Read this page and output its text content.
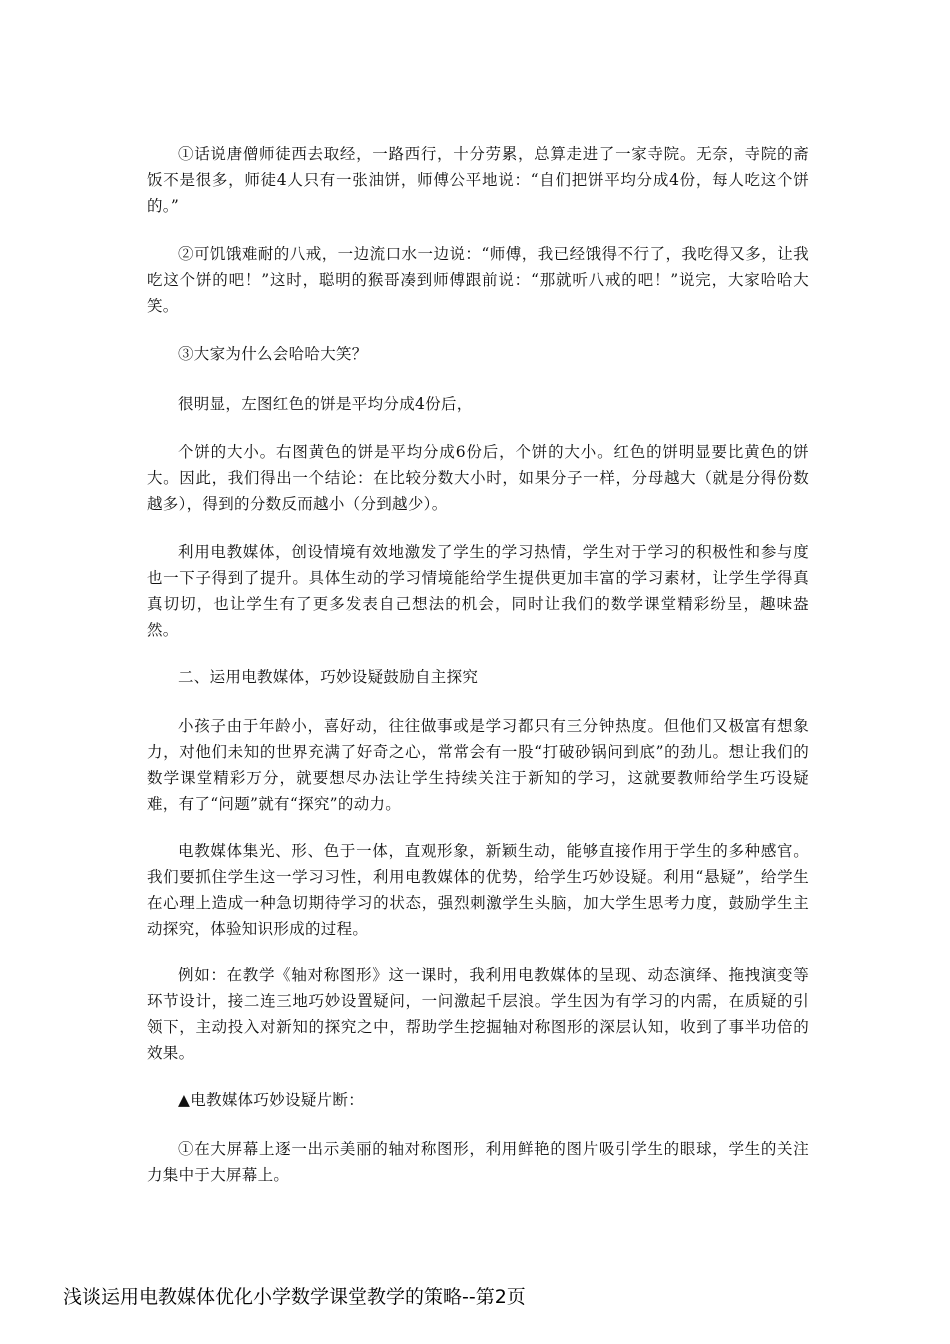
①话说唐僧师徒西去取经，一路西行，十分劳累，总算走进了一家寺院。无奈，寺院的斋饭不是很多，师徒4人只有一张油饼，师傅公平地说：“自们把饼平均分成4份，每人吃这个饼的。”

②可饥饿难耐的八戒，一边流口水一边说：“师傅，我已经饿得不行了，我吃得又多，让我吃这个饼的吧！”这时，聪明的猴哥凑到师傅跟前说：“那就听八戒的吧！”说完，大家哈哈大笑。

③大家为什么会哈哈大笑？

很明显，左图红色的饼是平均分成4份后，

个饼的大小。右图黄色的饼是平均分成6份后，个饼的大小。红色的饼明显要比黄色的饼大。因此，我们得出一个结论：在比较分数大小时，如果分子一样，分母越大（就是分得份数越多），得到的分数反而越小（分到越少）。

利用电教媒体，创设情境有效地激发了学生的学习热情，学生对于学习的积极性和参与度也一下子得到了提升。具体生动的学习情境能给学生提供更加丰富的学习素材，让学生学得真真切切，也让学生有了更多发表自己想法的机会，同时让我们的数学课堂精彩纷呈，趣味盎然。

二、运用电教媒体，巧妙设疑鼓励自主探究

小孩子由于年龄小，喜好动，往往做事或是学习都只有三分钟热度。但他们又极富有想象力，对他们未知的世界充满了好奇之心，常常会有一股“打破砂锅问到底”的劲儿。想让我们的数学课堂精彩万分，就要想尽办法让学生持续关注于新知的学习，这就要教师给学生巧设疑难，有了“问题”就有“探究”的动力。

电教媒体集光、形、色于一体，直观形象，新颖生动，能够直接作用于学生的多种感官。我们要抓住学生这一学习习性，利用电教媒体的优势，给学生巧妙设疑。利用“悬疑”，给学生在心理上造成一种急切期待学习的状态，强烈刺激学生头脑，加大学生思考力度，鼓励学生主动探究，体验知识形成的过程。

例如：在教学《轴对称图形》这一课时，我利用电教媒体的呈现、动态演绎、拖拽演变等环节设计，接二连三地巧妙设置疑问，一问激起千层浪。学生因为有学习的内需，在质疑的引领下，主动投入对新知的探究之中，帮助学生挖掘轴对称图形的深层认知，收到了事半功倍的效果。

▲电教媒体巧妙设疑片断：

①在大屏幕上逐一出示美丽的轴对称图形，利用鲜艳的图片吸引学生的眼球，学生的关注力集中于大屏幕上。

浅谈运用电教媒体优化小学数学课堂教学的策略--第2页
